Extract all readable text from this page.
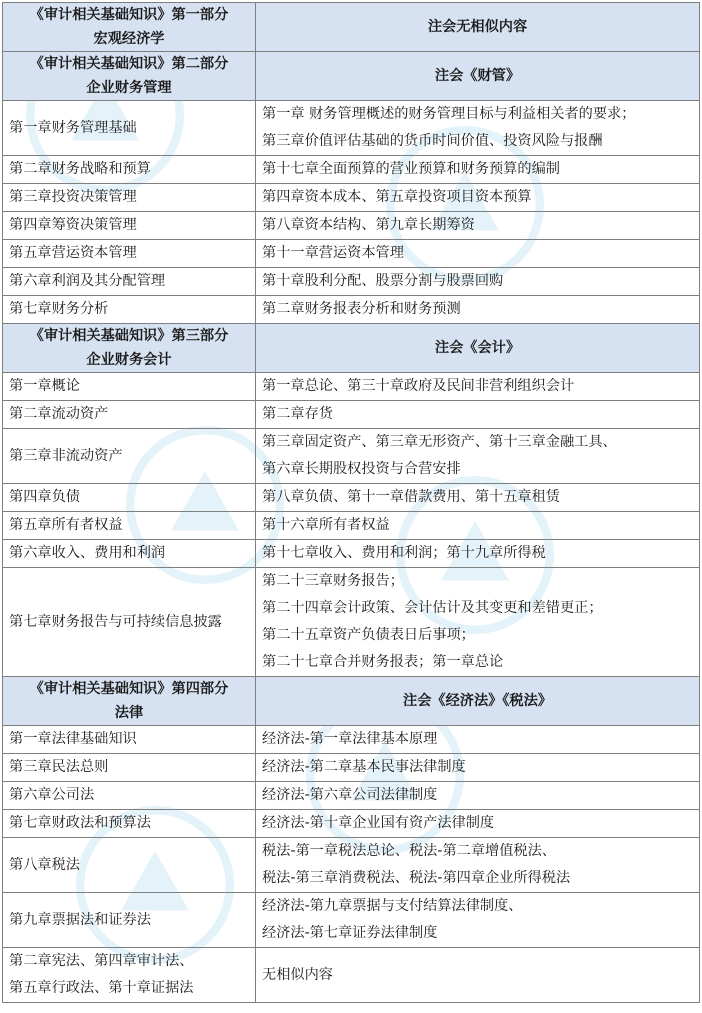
《审计相关基础知识》第一部分
宏观经济学	注会无相似内容

《审计相关基础知识》第二部分
企业财务管理	注会《财管》

第一章财务管理基础	第一章 财务管理概述的财务管理目标与利益相关者的要求；
第三章价值评估基础的货币时间价值、投资风险与报酬

第二章财务战略和预算	第十七章全面预算的营业预算和财务预算的编制

第三章投资决策管理	第四章资本成本、第五章投资项目资本预算

第四章筹资决策管理	第八章资本结构、第九章长期筹资

第五章营运资本管理	第十一章营运资本管理

第六章利润及其分配管理	第十章股利分配、股票分割与股票回购

第七章财务分析	第二章财务报表分析和财务预测

《审计相关基础知识》第三部分
企业财务会计	注会《会计》

第一章概论	第一章总论、第三十章政府及民间非营利组织会计

第二章流动资产	第二章存货

第三章非流动资产	第三章固定资产、第三章无形资产、第十三章金融工具、
第六章长期股权投资与合营安排

第四章负债	第八章负债、第十一章借款费用、第十五章租赁

第五章所有者权益	第十六章所有者权益

第六章收入、费用和利润	第十七章收入、费用和利润；第十九章所得税

第七章财务报告与可持续信息披露	第二十三章财务报告；
第二十四章会计政策、会计估计及其变更和差错更正；
第二十五章资产负债表日后事项；
第二十七章合并财务报表；第一章总论

《审计相关基础知识》第四部分
法律	注会《经济法》《税法》

第一章法律基础知识	经济法-第一章法律基本原理

第三章民法总则	经济法-第二章基本民事法律制度

第六章公司法	经济法-第六章公司法律制度

第七章财政法和预算法	经济法-第十章企业国有资产法律制度

第八章税法	税法-第一章税法总论、税法-第二章增值税法、
税法-第三章消费税法、税法-第四章企业所得税法

第九章票据法和证券法	经济法-第九章票据与支付结算法律制度、
经济法-第七章证券法律制度

第二章宪法、第四章审计法、
第五章行政法、第十章证据法	无相似内容
